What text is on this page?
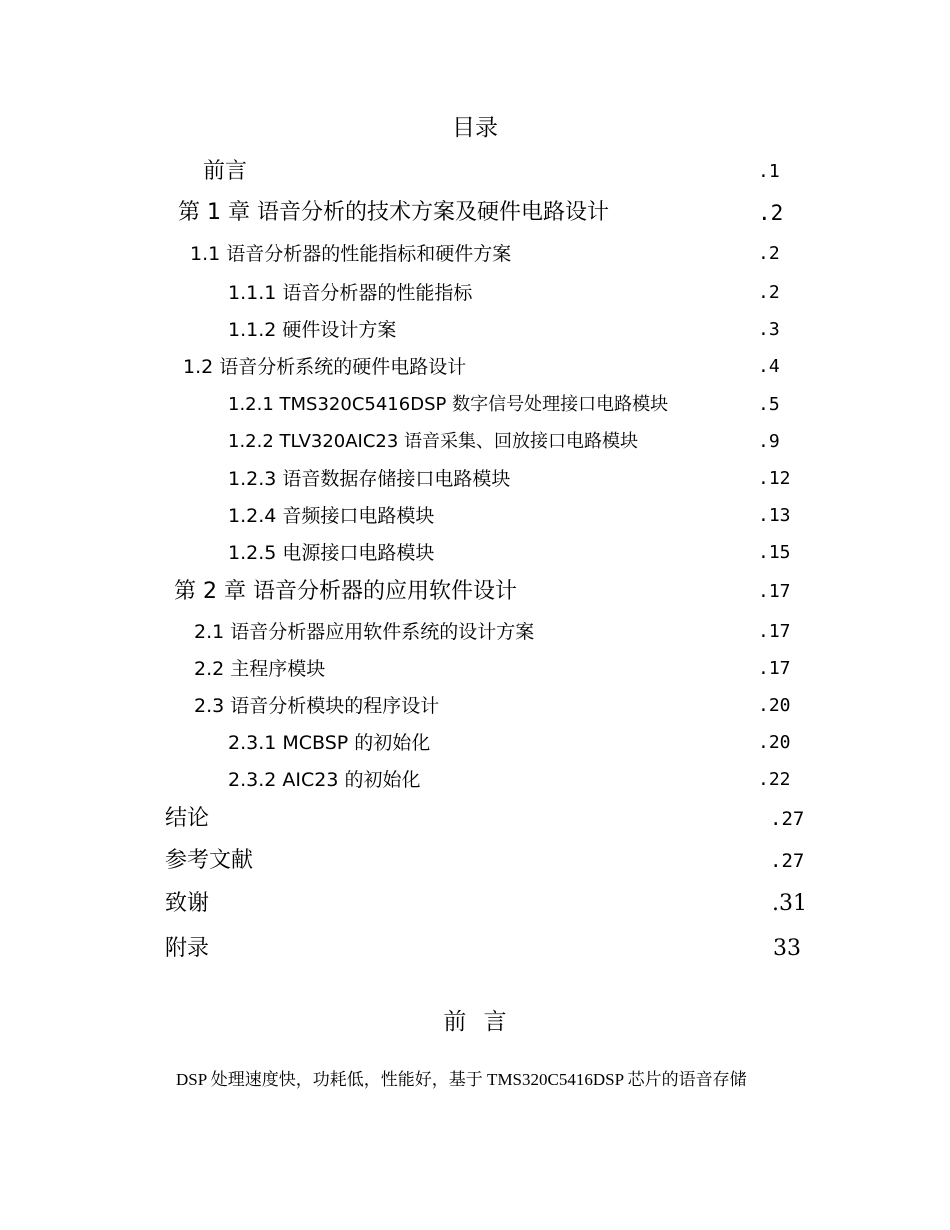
目录
前言	.1
第 1 章 语音分析的技术方案及硬件电路设计	.2
1.1 语音分析器的性能指标和硬件方案	.2
1.1.1 语音分析器的性能指标	.2
1.1.2 硬件设计方案	.3
1.2 语音分析系统的硬件电路设计	.4
1.2.1 TMS320C5416DSP 数字信号处理接口电路模块	.5
1.2.2 TLV320AIC23 语音采集、回放接口电路模块	.9
1.2.3 语音数据存储接口电路模块	.12
1.2.4 音频接口电路模块	.13
1.2.5 电源接口电路模块	.15
第 2 章 语音分析器的应用软件设计	.17
2.1 语音分析器应用软件系统的设计方案	.17
2.2 主程序模块	.17
2.3 语音分析模块的程序设计	.20
2.3.1 MCBSP 的初始化	.20
2.3.2 AIC23 的初始化	.22
结论	.27
参考文献	.27
致谢	.31
附录	33
前 言
DSP 处理速度快，功耗低，性能好，基于 TMS320C5416DSP 芯片的语音存储
